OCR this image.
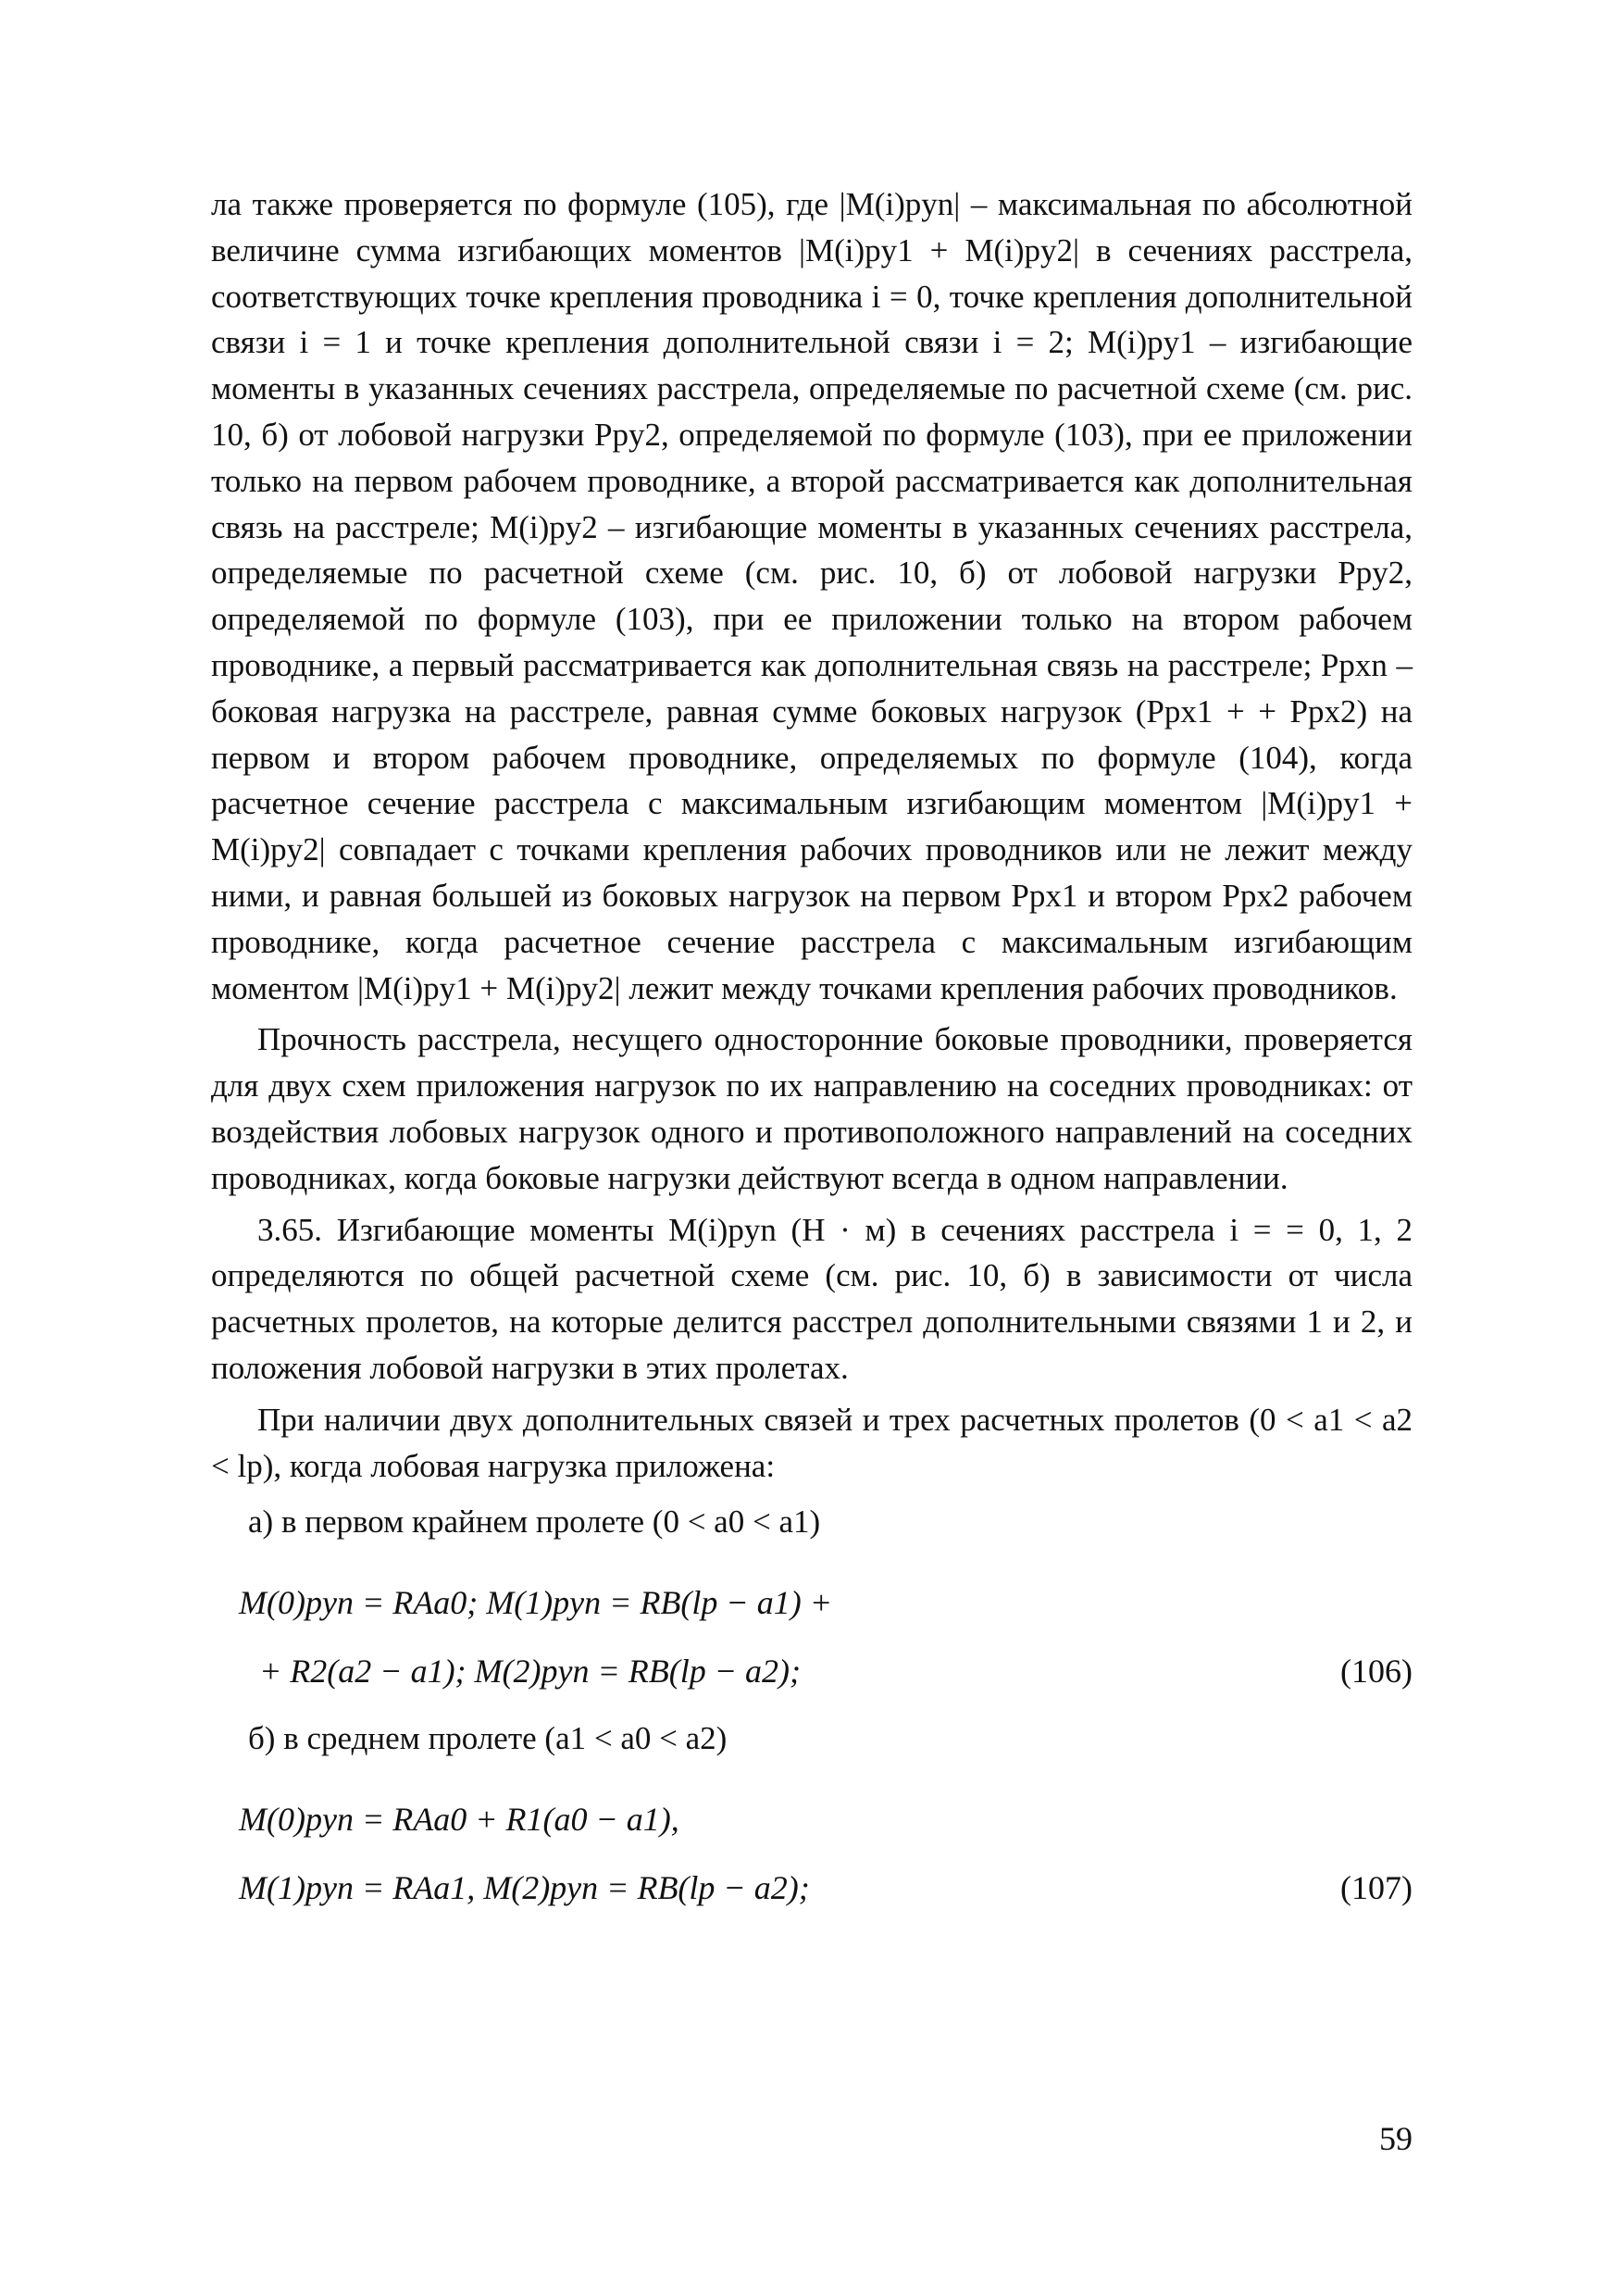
ла также проверяется по формуле (105), где |M(i)pyn| – максимальная по абсолютной величине сумма изгибающих моментов |M(i)py1 + M(i)py2| в сечениях расстрела, соответствующих точке крепления проводника i = 0, точке крепления дополнительной связи i = 1 и точке крепления дополнительной связи i = 2; M(i)py1 – изгибающие моменты в указанных сечениях расстрела, определяемые по расчетной схеме (см. рис. 10, б) от лобовой нагрузки Ppy2, определяемой по формуле (103), при ее приложении только на первом рабочем проводнике, а второй рассматривается как дополнительная связь на расстреле; M(i)py2 – изгибающие моменты в указанных сечениях расстрела, определяемые по расчетной схеме (см. рис. 10, б) от лобовой нагрузки Ppy2, определяемой по формуле (103), при ее приложении только на втором рабочем проводнике, а первый рассматривается как дополнительная связь на расстреле; Ppxn – боковая нагрузка на расстреле, равная сумме боковых нагрузок (Ppx1 + + Ppx2) на первом и втором рабочем проводнике, определяемых по формуле (104), когда расчетное сечение расстрела с максимальным изгибающим моментом |M(i)py1 + M(i)py2| совпадает с точками крепления рабочих проводников или не лежит между ними, и равная большей из боковых нагрузок на первом Ppx1 и втором Ppx2 рабочем проводнике, когда расчетное сечение расстрела с максимальным изгибающим моментом |M(i)py1 + M(i)py2| лежит между точками крепления рабочих проводников.

Прочность расстрела, несущего односторонние боковые проводники, проверяется для двух схем приложения нагрузок по их направлению на соседних проводниках: от воздействия лобовых нагрузок одного и противоположного направлений на соседних проводниках, когда боковые нагрузки действуют всегда в одном направлении.

3.65. Изгибающие моменты M(i)pyn (Н · м) в сечениях расстрела i = = 0, 1, 2 определяются по общей расчетной схеме (см. рис. 10, б) в зависимости от числа расчетных пролетов, на которые делится расстрел дополнительными связями 1 и 2, и положения лобовой нагрузки в этих пролетах.

При наличии двух дополнительных связей и трех расчетных пролетов (0 < a1 < a2 < lp), когда лобовая нагрузка приложена:

а) в первом крайнем пролете (0 < a0 < a1)
M(0)pyn = RAa0; M(1)pyn = RB(lp − a1) +
+ R2(a2 − a1); M(2)pyn = RB(lp − a2);	(106)
б) в среднем пролете (a1 < a0 < a2)
M(0)pyn = RAa0 + R1(a0 − a1),
M(1)pyn = RAa1, M(2)pyn = RB(lp − a2);	(107)
59
